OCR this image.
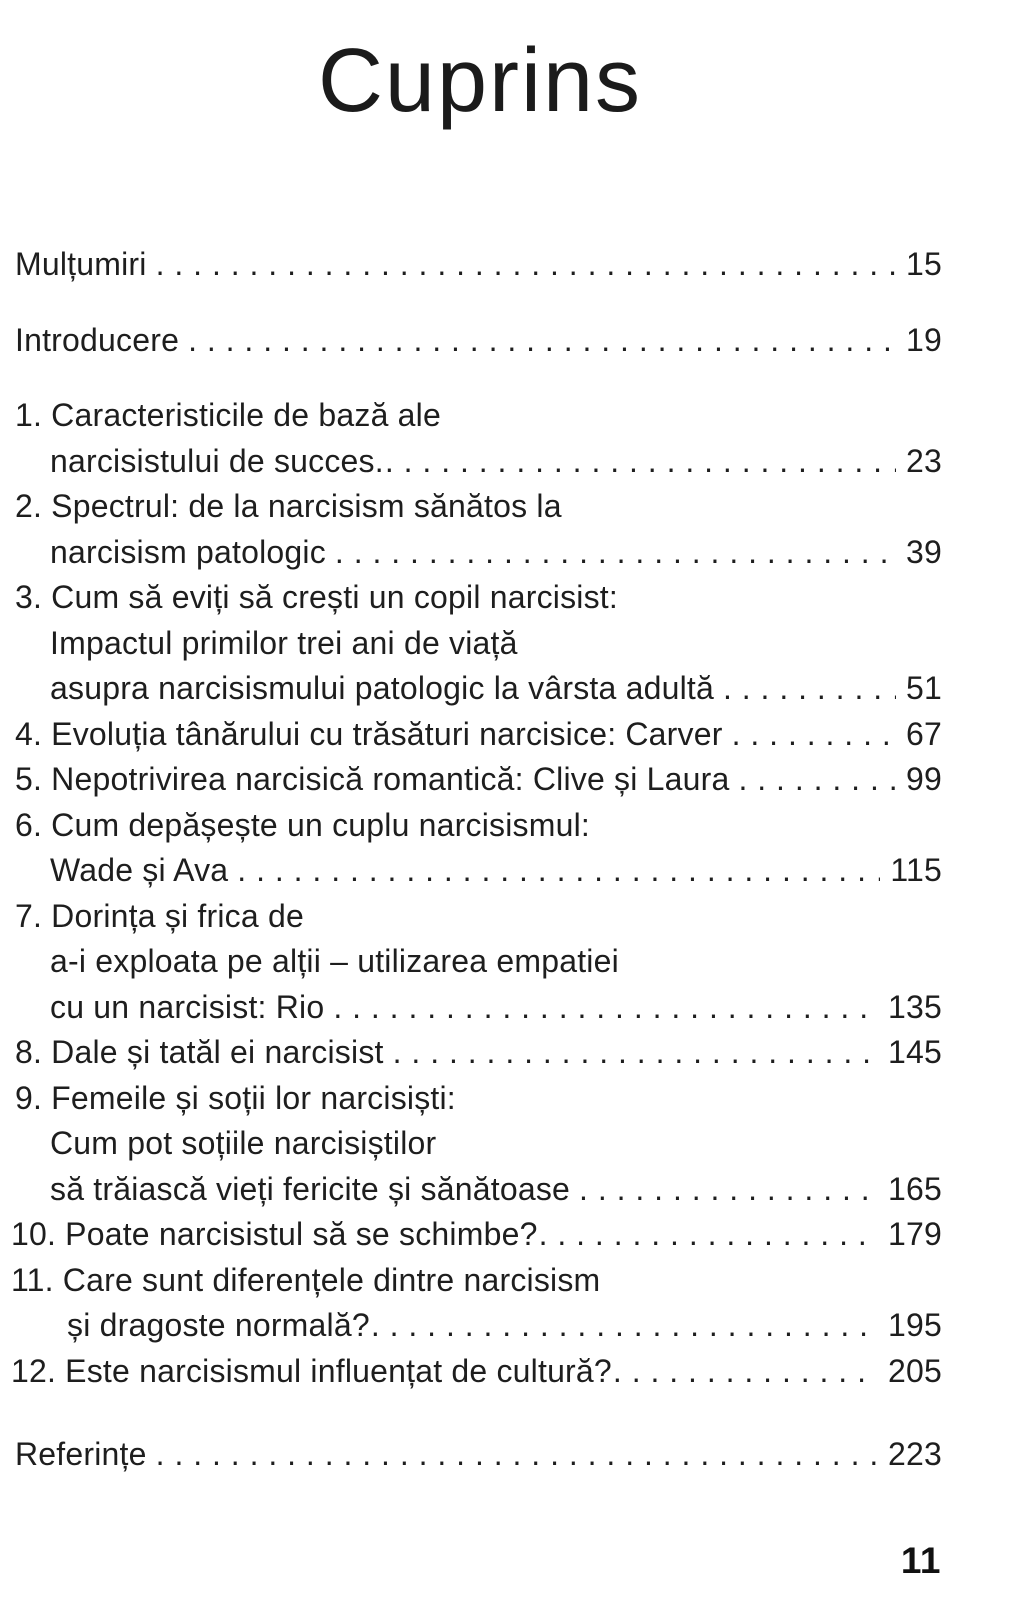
Cuprins
Mulțumiri . . .	15
Introducere . . .	19
1. Caracteristicile de bază ale
narcisistului de succes. . . .	23
2. Spectrul: de la narcisism sănătos la
narcisism patologic . . .	39
3. Cum să eviți să crești un copil narcisist:
Impactul primilor trei ani de viață
asupra narcisismului patologic la vârsta adultă . . .	51
4. Evoluția tânărului cu trăsături narcisice: Carver . . .	67
5. Nepotrivirea narcisică romantică: Clive și Laura . . .	99
6. Cum depășește un cuplu narcisismul:
Wade și Ava . . .	115
7. Dorința și frica de
a-i exploata pe alții – utilizarea empatiei
cu un narcisist: Rio . . .	135
8. Dale și tatăl ei narcisist . . .	145
9. Femeile și soții lor narcisiști:
Cum pot soțiile narcisiștilor
să trăiască vieți fericite și sănătoase . . .	165
10. Poate narcisistul să se schimbe? . . .	179
11. Care sunt diferențele dintre narcisism
și dragoste normală? . . .	195
12. Este narcisismul influențat de cultură? . . .	205
Referințe . . .	223
11
